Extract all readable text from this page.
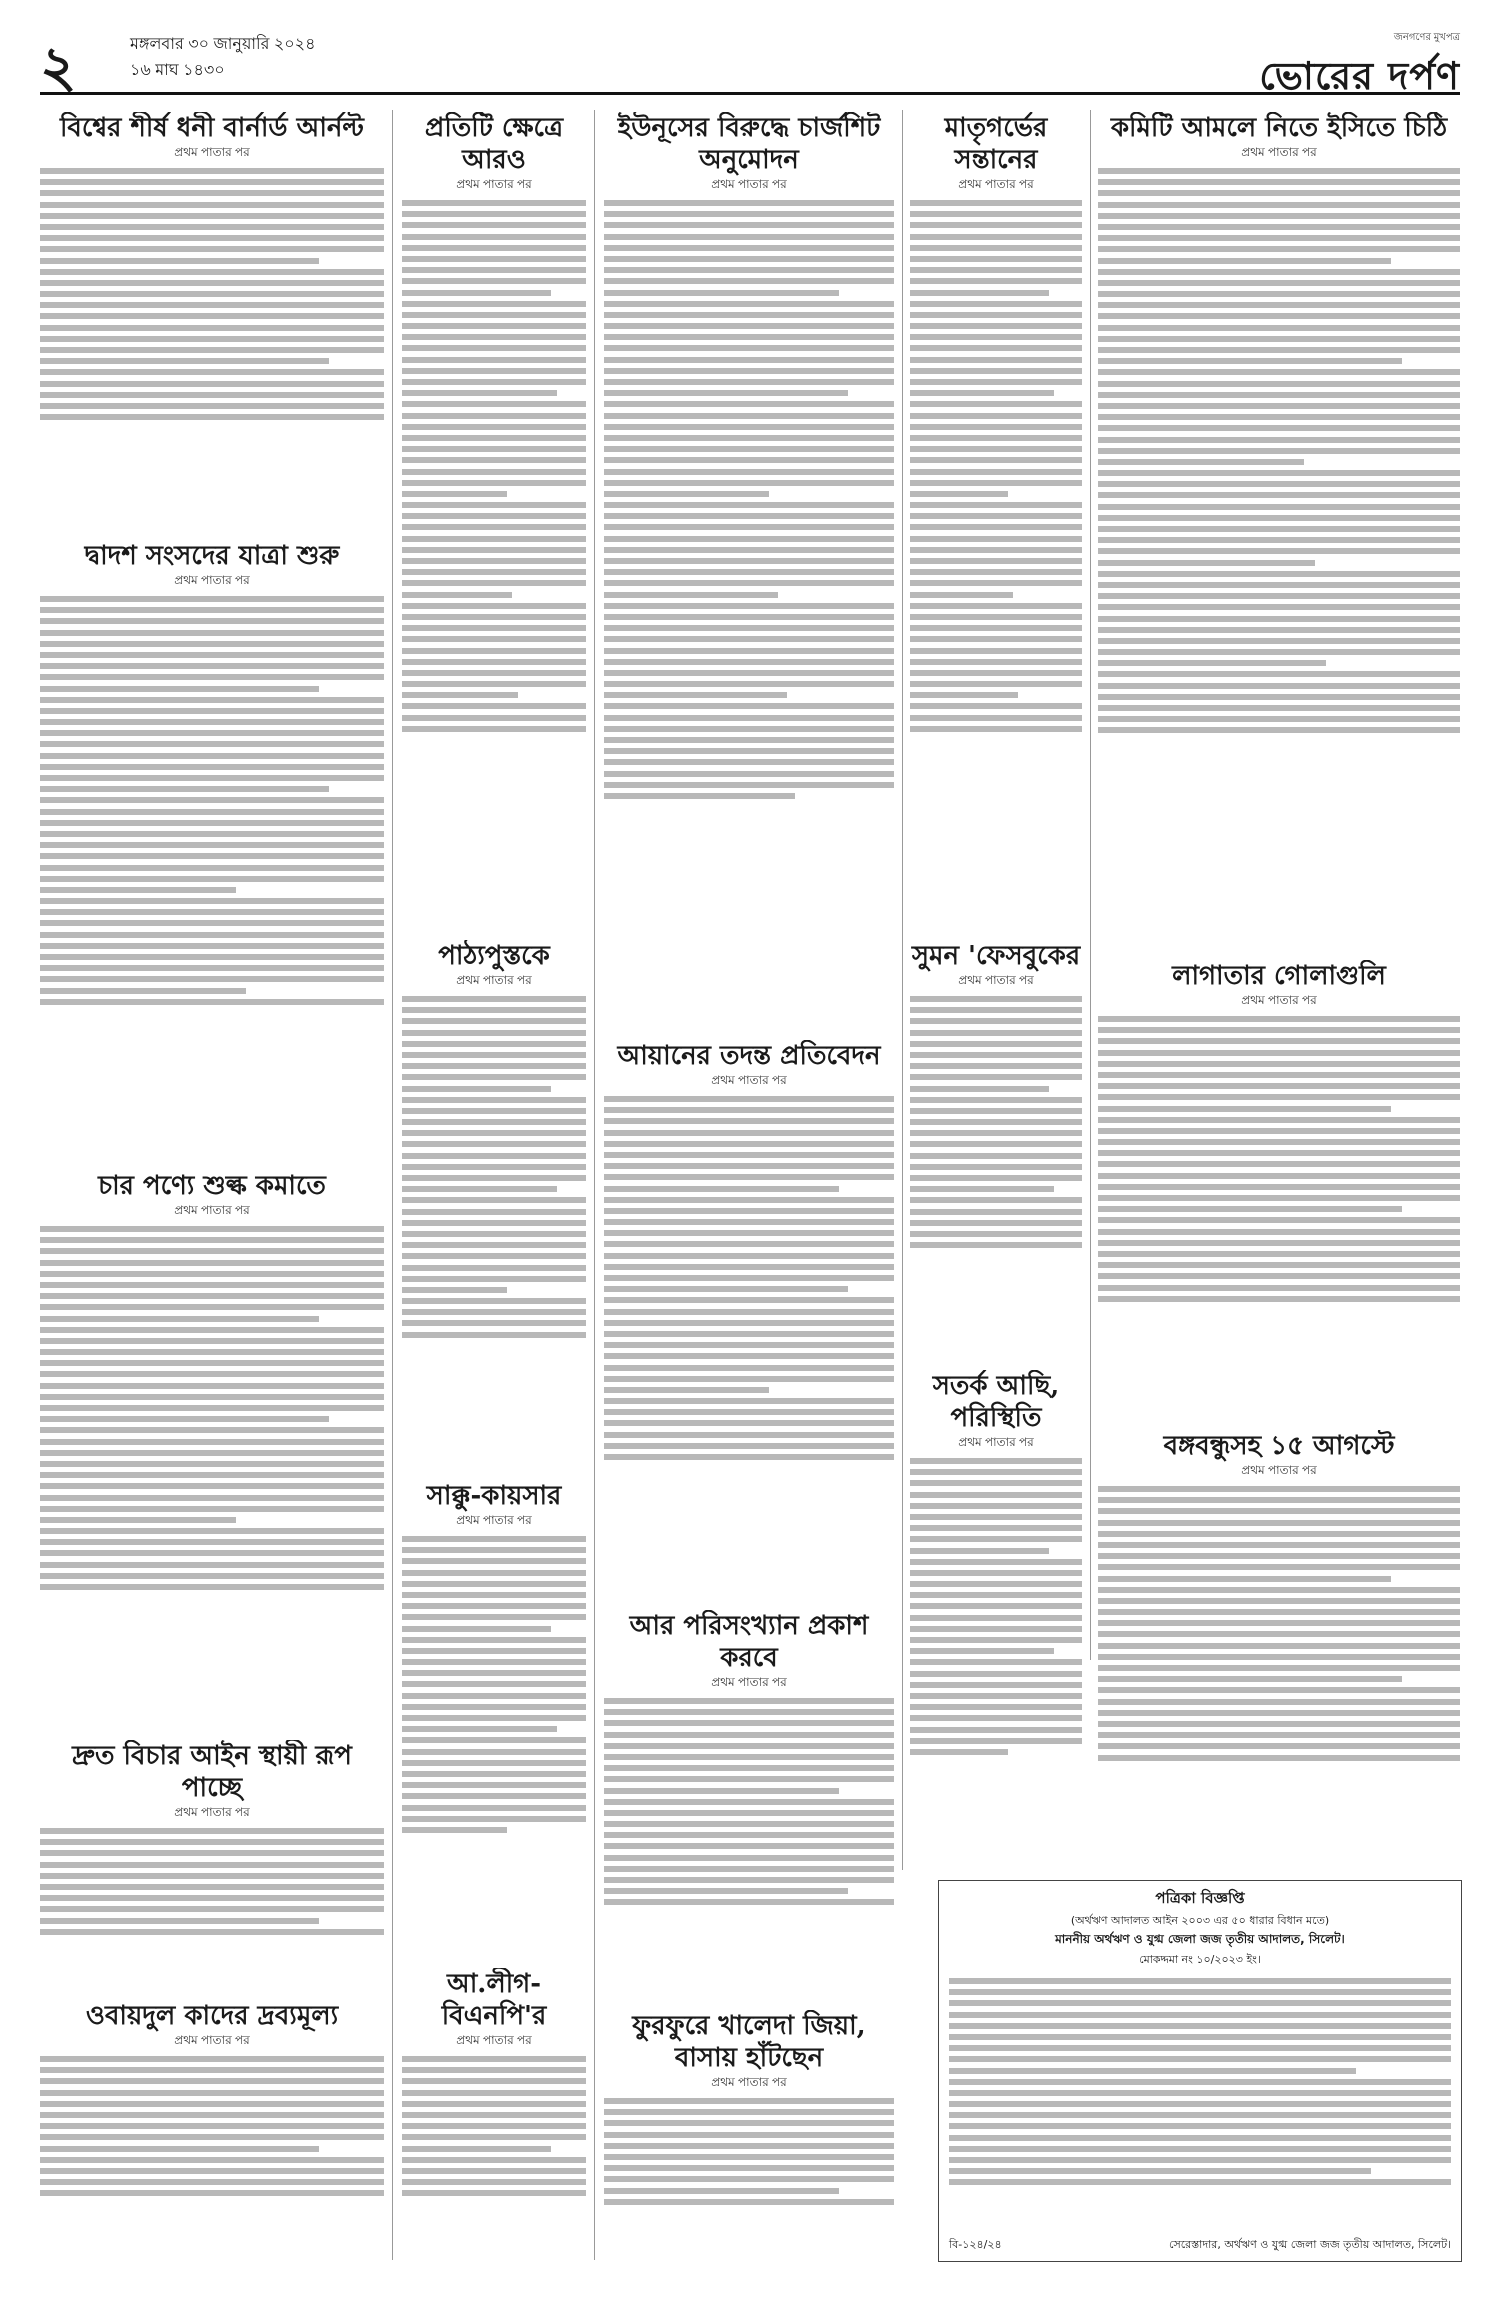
২	মঙ্গলবার ৩০ জানুয়ারি ২০২৪
১৬ মাঘ ১৪৩০
জনগণের মুখপত্র
ভোরের দর্পণ
বিশ্বের শীর্ষ ধনী বার্নার্ড আর্নল্ট
প্রথম পাতার পর
দ্বাদশ সংসদের যাত্রা শুরু
প্রথম পাতার পর
চার পণ্যে শুল্ক কমাতে
প্রথম পাতার পর
দ্রুত বিচার আইন স্থায়ী রূপ পাচ্ছে
প্রথম পাতার পর
ওবায়দুল কাদের দ্রব্যমূল্য
প্রথম পাতার পর
প্রতিটি ক্ষেত্রে আরও
প্রথম পাতার পর
পাঠ্যপুস্তকে
প্রথম পাতার পর
সাক্কু-কায়সার
প্রথম পাতার পর
আ.লীগ-বিএনপি'র
প্রথম পাতার পর
ইউনূসের বিরুদ্ধে চার্জশিট অনুমোদন
প্রথম পাতার পর
আয়ানের তদন্ত প্রতিবেদন
প্রথম পাতার পর
আর পরিসংখ্যান প্রকাশ করবে
প্রথম পাতার পর
ফুরফুরে খালেদা জিয়া, বাসায় হাঁটছেন
প্রথম পাতার পর
মাতৃগর্ভের সন্তানের
প্রথম পাতার পর
সুমন 'ফেসবুকের
প্রথম পাতার পর
সতর্ক আছি, পরিস্থিতি
প্রথম পাতার পর
কমিটি আমলে নিতে ইসিতে চিঠি
প্রথম পাতার পর
লাগাতার গোলাগুলি
প্রথম পাতার পর
বঙ্গবন্ধুসহ ১৫ আগস্টে
প্রথম পাতার পর
পত্রিকা বিজ্ঞপ্তি
(অর্থঋণ আদালত আইন ২০০৩ এর ৫০ ধারার বিধান মতে)
মাননীয় অর্থঋণ ও যুগ্ম জেলা জজ তৃতীয় আদালত, সিলেট।
মোকদ্দমা নং ১০/২০২৩ ইং।
বি-১২৪/২৪	সেরেস্তাদার, অর্থঋণ ও যুগ্ম জেলা জজ তৃতীয় আদালত, সিলেট।
